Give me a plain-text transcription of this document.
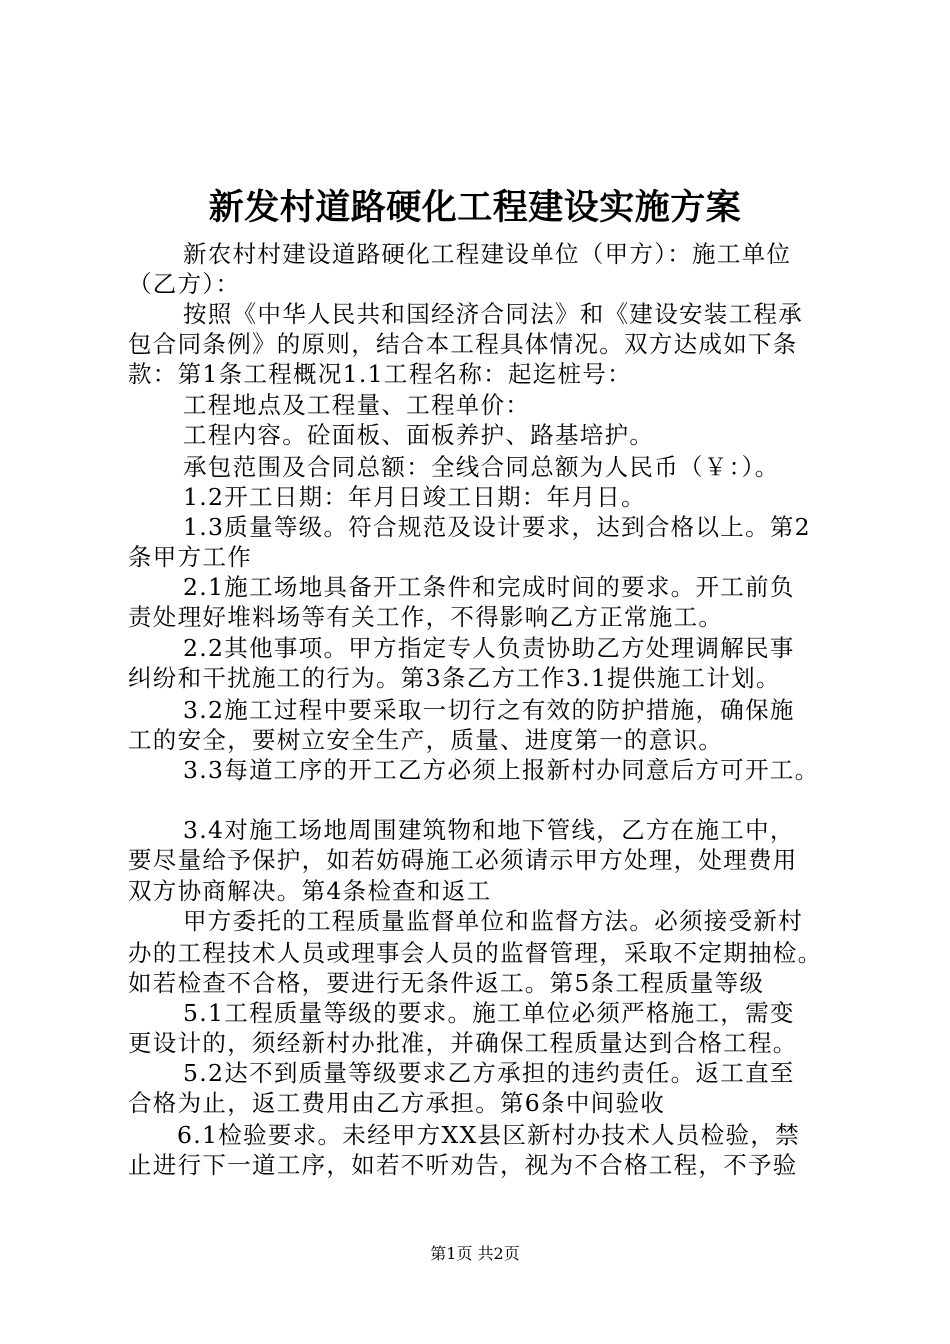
新发村道路硬化工程建设实施方案
新农村村建设道路硬化工程建设单位（甲方）：施工单位
（乙方）：
按照《中华人民共和国经济合同法》和《建设安装工程承
包合同条例》的原则，结合本工程具体情况。双方达成如下条
款：第1条工程概况1.1工程名称：起迄桩号：
工程地点及工程量、工程单价：
工程内容。砼面板、面板养护、路基培护。
承包范围及合同总额：全线合同总额为人民币（￥：）。
1.2开工日期：年月日竣工日期：年月日。
1.3质量等级。符合规范及设计要求，达到合格以上。第2
条甲方工作
2.1施工场地具备开工条件和完成时间的要求。开工前负
责处理好堆料场等有关工作，不得影响乙方正常施工。
2.2其他事项。甲方指定专人负责协助乙方处理调解民事
纠纷和干扰施工的行为。第3条乙方工作3.1提供施工计划。
3.2施工过程中要采取一切行之有效的防护措施，确保施
工的安全，要树立安全生产，质量、进度第一的意识。
3.3每道工序的开工乙方必须上报新村办同意后方可开工。
3.4对施工场地周围建筑物和地下管线，乙方在施工中，
要尽量给予保护，如若妨碍施工必须请示甲方处理，处理费用
双方协商解决。第4条检查和返工
甲方委托的工程质量监督单位和监督方法。必须接受新村
办的工程技术人员或理事会人员的监督管理，采取不定期抽检。
如若检查不合格，要进行无条件返工。第5条工程质量等级
5.1工程质量等级的要求。施工单位必须严格施工，需变
更设计的，须经新村办批准，并确保工程质量达到合格工程。
5.2达不到质量等级要求乙方承担的违约责任。返工直至
合格为止，返工费用由乙方承担。第6条中间验收
6.1检验要求。未经甲方XX县区新村办技术人员检验，禁
止进行下一道工序，如若不听劝告，视为不合格工程，不予验
第1页 共2页
